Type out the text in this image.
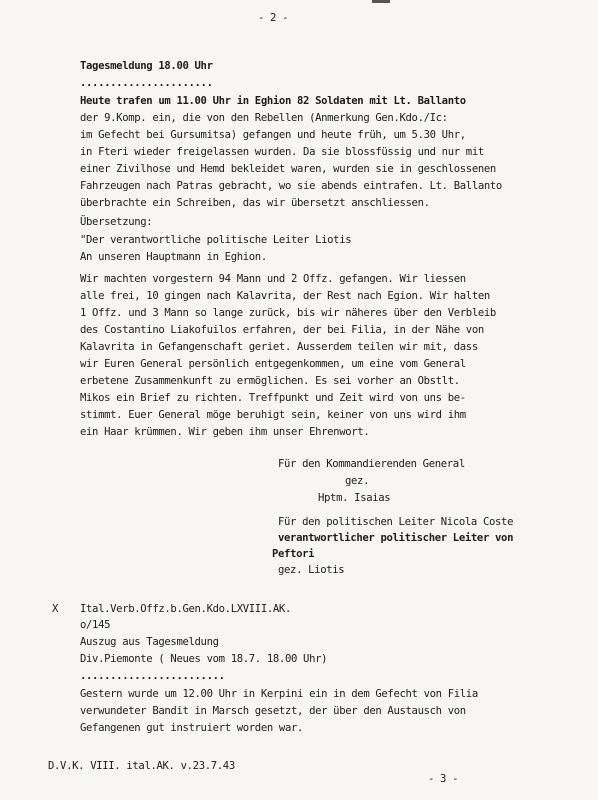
- 2 -
Tagesmeldung 18.00 Uhr
......................
Heute trafen um 11.00 Uhr in Eghion 82 Soldaten mit Lt. Ballanto
der 9.Komp. ein, die von den Rebellen (Anmerkung Gen.Kdo./Ic:
im Gefecht bei Gursumitsa) gefangen und heute früh, um 5.30 Uhr,
in Fteri wieder freigelassen wurden. Da sie blossfüssig und nur mit
einer Zivilhose und Hemd bekleidet waren, wurden sie in geschlossenen
Fahrzeugen nach Patras gebracht, wo sie abends eintrafen. Lt. Ballanto
überbrachte ein Schreiben, das wir übersetzt anschliessen.
Übersetzung:
"Der verantwortliche politische Leiter Liotis
An unseren Hauptmann in Eghion.
Wir machten vorgestern 94 Mann und 2 Offz. gefangen. Wir liessen
alle frei, 10 gingen nach Kalavrita, der Rest nach Egion. Wir halten
1 Offz. und 3 Mann so lange zurück, bis wir näheres über den Verbleib
des Costantino Liakofuilos erfahren, der bei Filia, in der Nähe von
Kalavrita in Gefangenschaft geriet. Ausserdem teilen wir mit, dass
wir Euren General persönlich entgegenkommen, um eine vom General
erbetene Zusammenkunft zu ermöglichen. Es sei vorher an Obstlt.
Mikos ein Brief zu richten. Treffpunkt und Zeit wird von uns be-
stimmt. Euer General möge beruhigt sein, keiner von uns wird ihm
ein Haar krümmen. Wir geben ihm unser Ehrenwort.
Für den Kommandierenden General
gez.
Hptm. Isaias
Für den politischen Leiter Nicola Coste
verantwortlicher politischer Leiter von
Peftori
gez. Liotis
X Ital.Verb.Offz.b.Gen.Kdo.LXVIII.AK.
o/145
Auszug aus Tagesmeldung
Div.Piemonte ( Neues vom 18.7. 18.00 Uhr)
........................
Gestern wurde um 12.00 Uhr in Kerpini ein in dem Gefecht von Filia
verwundeter Bandit in Marsch gesetzt, der über den Austausch von
Gefangenen gut instruiert worden war.
D.V.K. VIII. ital.AK. v.23.7.43
- 3 -
